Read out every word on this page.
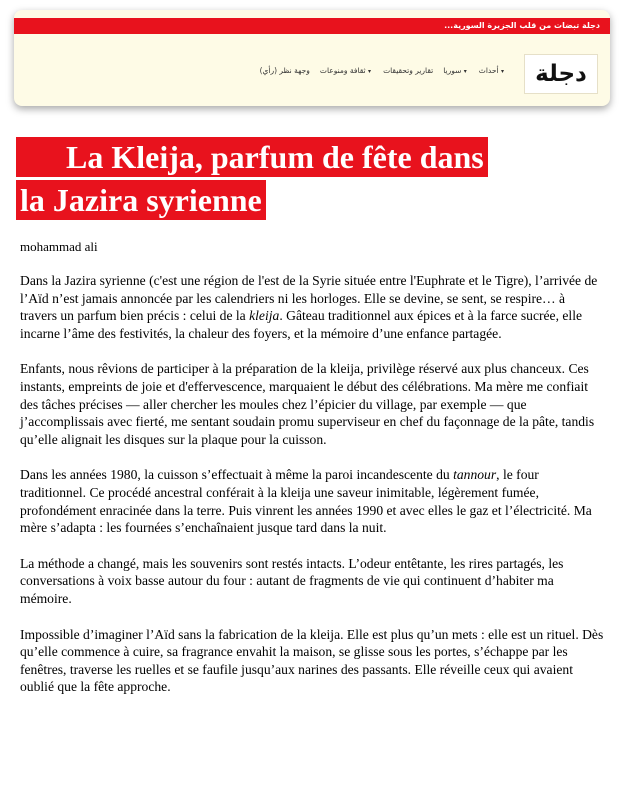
دجلة تبضات من قلب الجزيرة السورية...
دجلة
أحداث ▾
سوريا ▾
تقارير وتحقيقات
ثقافة ومنوعات ▾
وجهة نظر (رأي)
La Kleija, parfum de fête dans
la Jazira syrienne
mohammad ali

Dans la Jazira syrienne (c'est une région de l'est de la Syrie située entre l'Euphrate et le Tigre), l’arrivée de l’Aïd n’est jamais annoncée par les calendriers ni les horloges. Elle se devine, se sent, se respire… à travers un parfum bien précis : celui de la kleija. Gâteau traditionnel aux épices et à la farce sucrée, elle incarne l’âme des festivités, la chaleur des foyers, et la mémoire d’une enfance partagée.

Enfants, nous rêvions de participer à la préparation de la kleija, privilège réservé aux plus chanceux. Ces instants, empreints de joie et d'effervescence, marquaient le début des célébrations. Ma mère me confiait des tâches précises — aller chercher les moules chez l’épicier du village, par exemple — que j’accomplissais avec fierté, me sentant soudain promu superviseur en chef du façonnage de la pâte, tandis qu’elle alignait les disques sur la plaque pour la cuisson.

Dans les années 1980, la cuisson s’effectuait à même la paroi incandescente du tannour, le four traditionnel. Ce procédé ancestral conférait à la kleija une saveur inimitable, légèrement fumée, profondément enracinée dans la terre. Puis vinrent les années 1990 et avec elles le gaz et l’électricité. Ma mère s’adapta : les fournées s’enchaînaient jusque tard dans la nuit.

La méthode a changé, mais les souvenirs sont restés intacts. L’odeur entêtante, les rires partagés, les conversations à voix basse autour du four : autant de fragments de vie qui continuent d’habiter ma mémoire.

Impossible d’imaginer l’Aïd sans la fabrication de la kleija. Elle est plus qu’un mets : elle est un rituel. Dès qu’elle commence à cuire, sa fragrance envahit la maison, se glisse sous les portes, s’échappe par les fenêtres, traverse les ruelles et se faufile jusqu’aux narines des passants. Elle réveille ceux qui avaient oublié que la fête approche.
